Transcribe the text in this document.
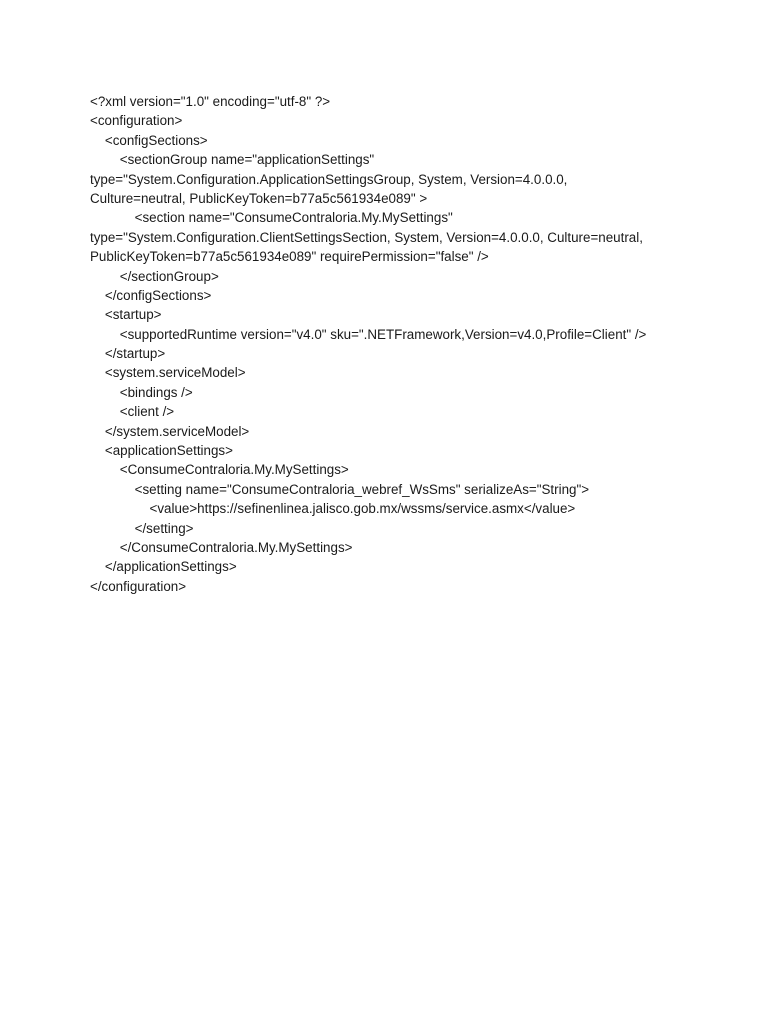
<?xml version="1.0" encoding="utf-8" ?>
<configuration>
<configSections>
<sectionGroup name="applicationSettings"
type="System.Configuration.ApplicationSettingsGroup, System, Version=4.0.0.0,
Culture=neutral, PublicKeyToken=b77a5c561934e089" >
<section name="ConsumeContraloria.My.MySettings"
type="System.Configuration.ClientSettingsSection, System, Version=4.0.0.0, Culture=neutral,
PublicKeyToken=b77a5c561934e089" requirePermission="false" />
</sectionGroup>
</configSections>
<startup>
<supportedRuntime version="v4.0" sku=".NETFramework,Version=v4.0,Profile=Client" />
</startup>
<system.serviceModel>
<bindings />
<client />
</system.serviceModel>
<applicationSettings>
<ConsumeContraloria.My.MySettings>
<setting name="ConsumeContraloria_webref_WsSms" serializeAs="String">
<value>https://sefinenlinea.jalisco.gob.mx/wssms/service.asmx</value>
</setting>
</ConsumeContraloria.My.MySettings>
</applicationSettings>
</configuration>
